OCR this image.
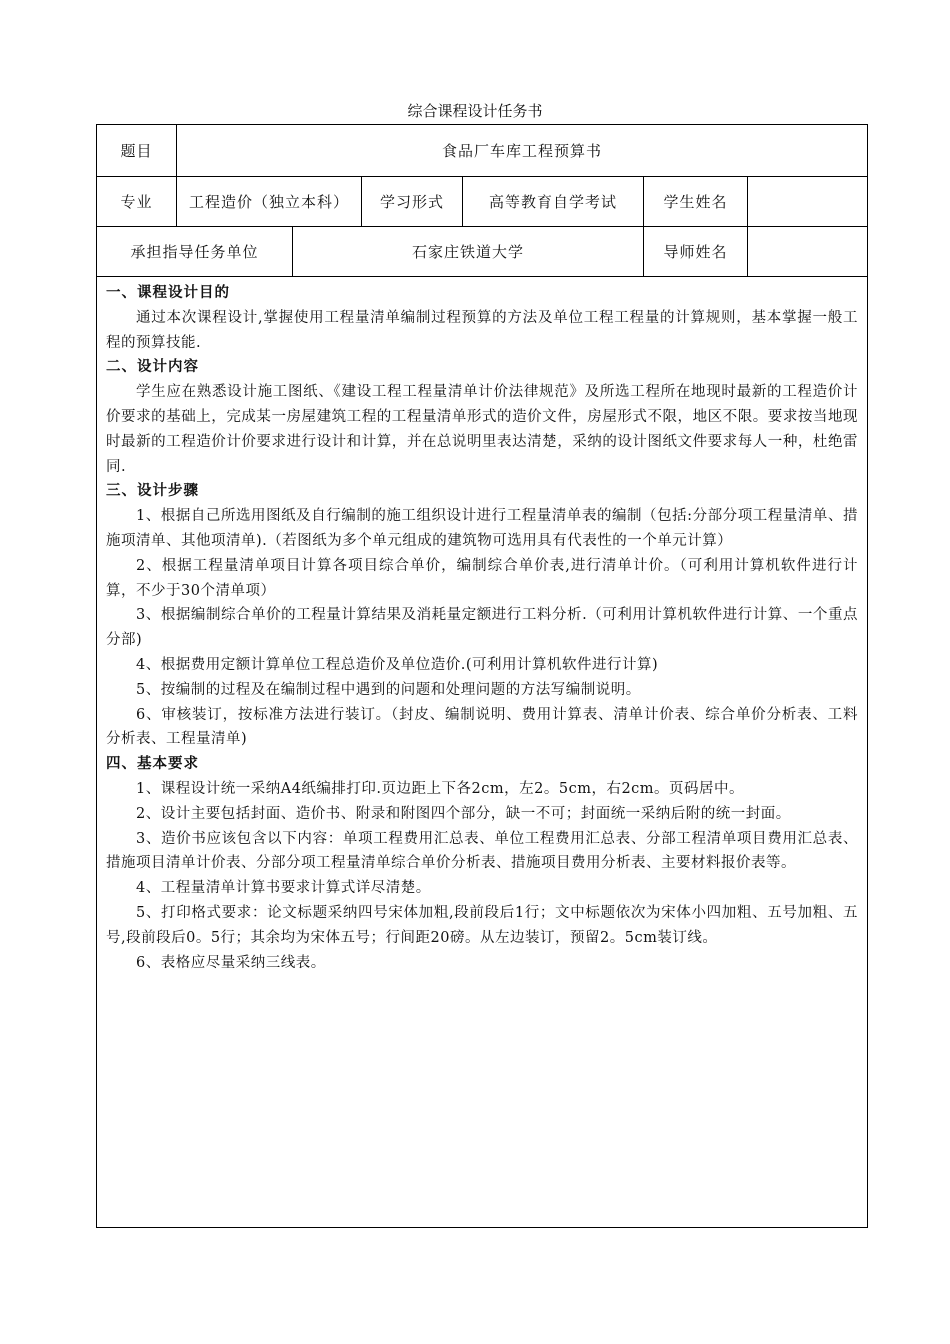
综合课程设计任务书
题目	食品厂车库工程预算书
专业	工程造价（独立本科）	学习形式	高等教育自学考试	学生姓名
承担指导任务单位	石家庄铁道大学	导师姓名
一、课程设计目的
通过本次课程设计,掌握使用工程量清单编制过程预算的方法及单位工程工程量的计算规则，基本掌握一般工程的预算技能.
二、设计内容
学生应在熟悉设计施工图纸、《建设工程工程量清单计价法律规范》及所选工程所在地现时最新的工程造价计价要求的基础上，完成某一房屋建筑工程的工程量清单形式的造价文件，房屋形式不限，地区不限。要求按当地现时最新的工程造价计价要求进行设计和计算，并在总说明里表达清楚，采纳的设计图纸文件要求每人一种，杜绝雷同.
三、设计步骤
1、根据自己所选用图纸及自行编制的施工组织设计进行工程量清单表的编制（包括:分部分项工程量清单、措施项清单、其他项清单).（若图纸为多个单元组成的建筑物可选用具有代表性的一个单元计算）
2、根据工程量清单项目计算各项目综合单价，编制综合单价表,进行清单计价。（可利用计算机软件进行计算，不少于30个清单项）
3、根据编制综合单价的工程量计算结果及消耗量定额进行工料分析.（可利用计算机软件进行计算、一个重点分部)
4、根据费用定额计算单位工程总造价及单位造价.(可利用计算机软件进行计算)
5、按编制的过程及在编制过程中遇到的问题和处理问题的方法写编制说明。
6、审核装订，按标准方法进行装订。（封皮、编制说明、费用计算表、清单计价表、综合单价分析表、工料分析表、工程量清单)
四、基本要求
1、课程设计统一采纳A4纸编排打印.页边距上下各2cm，左2。5cm，右2cm。页码居中。
2、设计主要包括封面、造价书、附录和附图四个部分，缺一不可；封面统一采纳后附的统一封面。
3、造价书应该包含以下内容：单项工程费用汇总表、单位工程费用汇总表、分部工程清单项目费用汇总表、措施项目清单计价表、分部分项工程量清单综合单价分析表、措施项目费用分析表、主要材料报价表等。
4、工程量清单计算书要求计算式详尽清楚。
5、打印格式要求：论文标题采纳四号宋体加粗,段前段后1行；文中标题依次为宋体小四加粗、五号加粗、五号,段前段后0。5行；其余均为宋体五号；行间距20磅。从左边装订，预留2。5cm装订线。
6、表格应尽量采纳三线表。
